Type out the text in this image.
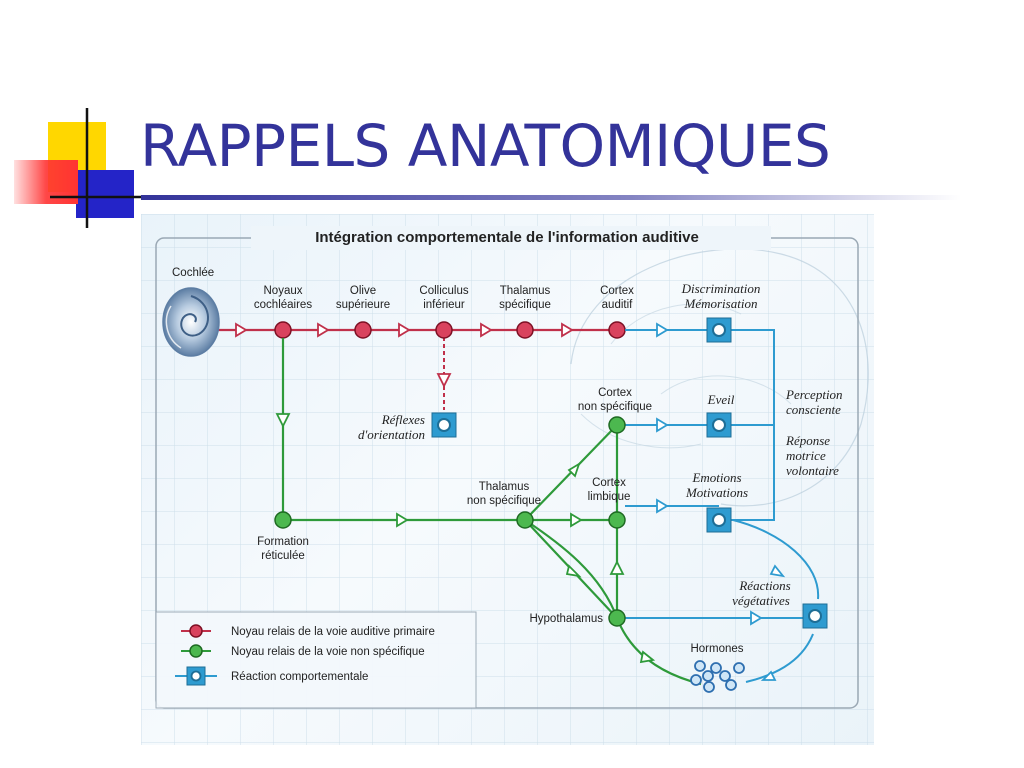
RAPPELS ANATOMIQUES
Intégration comportementale de l'information auditive
Cochlée
Noyaux
cochléaires
Olive
supérieure
Colliculus
inférieur
Thalamus
spécifique
Cortex
auditif
Discrimination
Mémorisation
Réflexes
d'orientation
Cortex
non spécifique	Eveil	Perception
consciente
Réponse
motrice
volontaire
Thalamus
non spécifique
Cortex
limbique
Emotions
Motivations
Formation
réticulée
Hypothalamus
Réactions
végétatives
Hormones
Noyau relais de la voie auditive primaire
Noyau relais de la voie non spécifique
Réaction comportementale
